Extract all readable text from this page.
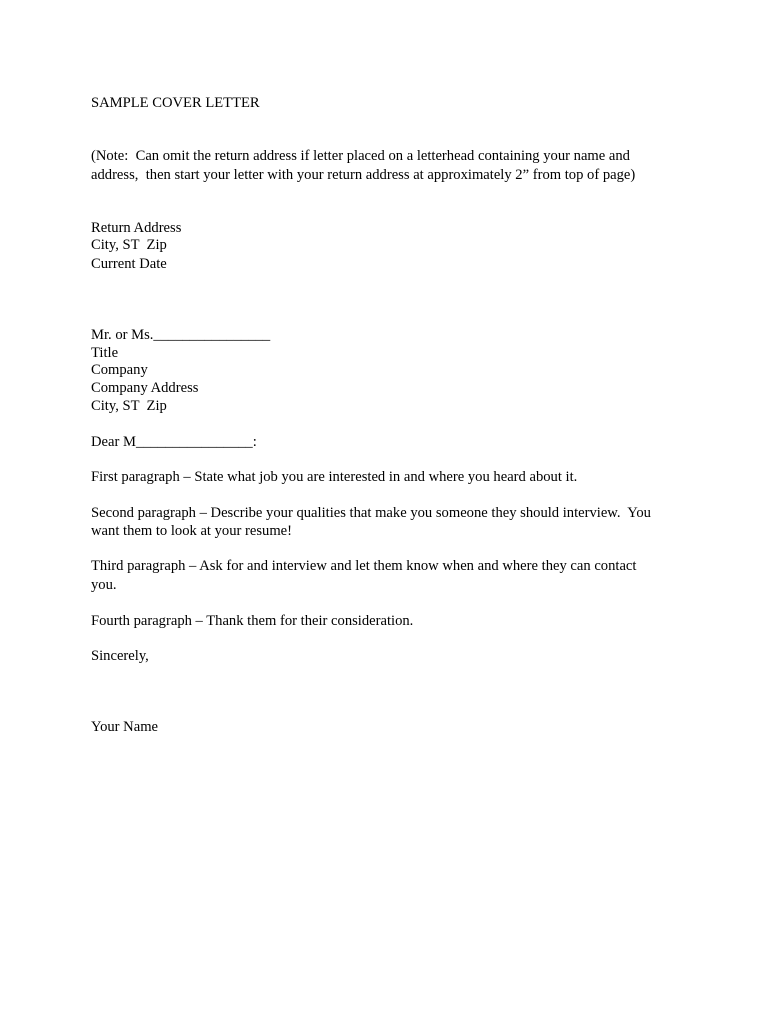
SAMPLE COVER LETTER
(Note:  Can omit the return address if letter placed on a letterhead containing your name and
address,  then start your letter with your return address at approximately 2” from top of page)
Return Address
City, ST  Zip
Current Date
Mr. or Ms.________________
Title
Company
Company Address
City, ST  Zip
Dear M________________:
First paragraph – State what job you are interested in and where you heard about it.
Second paragraph – Describe your qualities that make you someone they should interview.  You
want them to look at your resume!
Third paragraph – Ask for and interview and let them know when and where they can contact
you.
Fourth paragraph – Thank them for their consideration.
Sincerely,
Your Name
